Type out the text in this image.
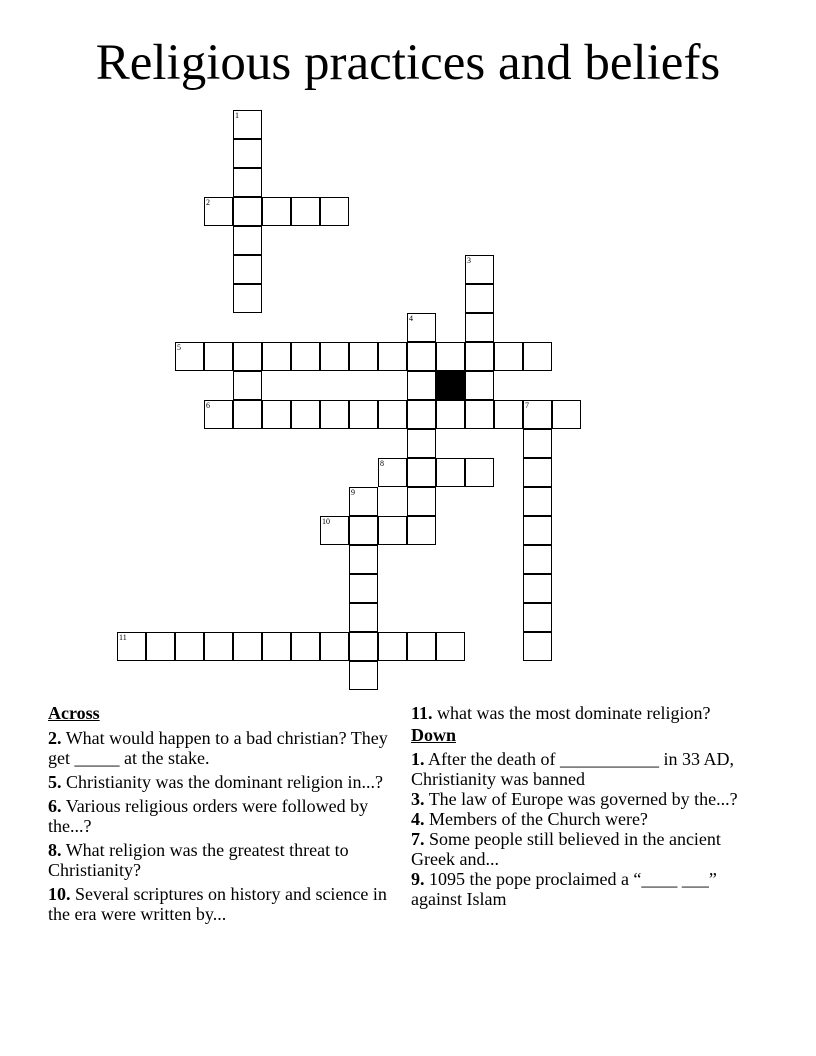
Religious practices and beliefs
1
2
3
4
5
6	7
8
9
10
11
Across
2. What would happen to a bad christian? They get _____ at the stake.
5. Christianity was the dominant religion in...?
6. Various religious orders were followed by the...?
8. What religion was the greatest threat to Christianity?
10. Several scriptures on history and science in the era were written by...
11. what was the most dominate religion?
Down
1. After the death of ___________ in 33 AD, Christianity was banned
3. The law of Europe was governed by the...?
4. Members of the Church were?
7. Some people still believed in the ancient Greek and...
9. 1095 the pope proclaimed a “____ ___” against Islam
